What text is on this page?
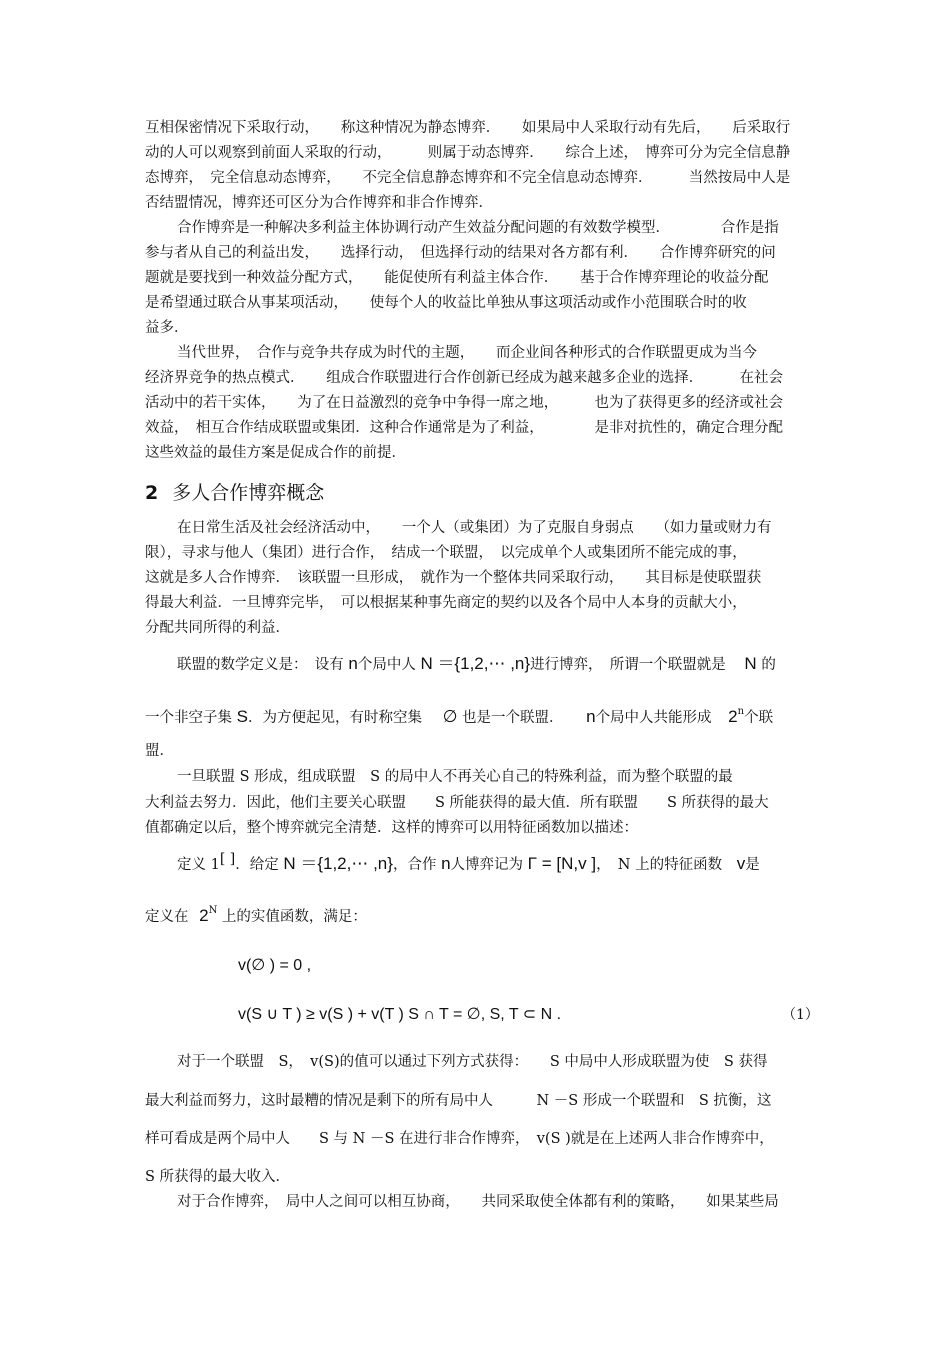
互相保密情况下采取行动，　　称这种情况为静态博弈．　　如果局中人采取行动有先后，　　后采取行
动的人可以观察到前面人采取的行动，　　　则属于动态博弈．　　综合上述，　博弈可分为完全信息静
态博弈，　完全信息动态博弈，　　不完全信息静态博弈和不完全信息动态博弈．　　　当然按局中人是
否结盟情况，博弈还可区分为合作博弈和非合作博弈．
合作博弈是一种解决多利益主体协调行动产生效益分配问题的有效数学模型．　　　　合作是指
参与者从自己的利益出发，　　选择行动，　但选择行动的结果对各方都有利．　　合作博弈研究的问
题就是要找到一种效益分配方式，　　能促使所有利益主体合作．　　基于合作博弈理论的收益分配
是希望通过联合从事某项活动，　　使每个人的收益比单独从事这项活动或作小范围联合时的收
益多．
当代世界，　合作与竞争共存成为时代的主题，　　而企业间各种形式的合作联盟更成为当今
经济界竞争的热点模式．　　组成合作联盟进行合作创新已经成为越来越多企业的选择．　　　在社会
活动中的若干实体，　　为了在日益激烈的竞争中争得一席之地，　　　也为了获得更多的经济或社会
效益，　相互合作结成联盟或集团．这种合作通常是为了利益，　　　　是非对抗性的，确定合理分配
这些效益的最佳方案是促成合作的前提．
2 多人合作博弈概念
在日常生活及社会经济活动中，　　一个人（或集团）为了克服自身弱点　　（如力量或财力有
限），寻求与他人（集团）进行合作，　结成一个联盟，　以完成单个人或集团所不能完成的事，
这就是多人合作博弈．　该联盟一旦形成，　就作为一个整体共同采取行动，　　其目标是使联盟获
得最大利益．一旦博弈完毕，　可以根据某种事先商定的契约以及各个局中人本身的贡献大小，
分配共同所得的利益．
联盟的数学定义是：　设有 n个局中人 N ＝{1,2,⋯ ,n}进行博弈，　所谓一个联盟就是 N 的
一个非空子集 S．为方便起见，有时称空集 ∅ 也是一个联盟． n个局中人共能形成 2$^n$个联
盟．
一旦联盟 S 形成，组成联盟　S 的局中人不再关心自己的特殊利益，而为整个联盟的最
大利益去努力．因此，他们主要关心联盟　　S 所能获得的最大值．所有联盟　　S 所获得的最大
值都确定以后，整个博弈就完全清楚．这样的博弈可以用特征函数加以描述：
定义 1[ ]．给定 N ＝{1,2,⋯ ,n}，合作 n人博弈记为 Γ = [N,v ]，　N 上的特征函数 v是
定义在 $2^N$ 上的实值函数，满足：
v(∅ ) = 0 ,
v(S ∪ T ) ≥ v(S ) + v(T ) S ∩ T = ∅, S, T ⊂ N .	（1）
对于一个联盟　S，　v(S)的值可以通过下列方式获得：　　S 中局中人形成联盟为使　S 获得
最大利益而努力，这时最糟的情况是剩下的所有局中人　　　N －S 形成一个联盟和　S 抗衡，这
样可看成是两个局中人　　S 与 N －S 在进行非合作博弈，　v(S )就是在上述两人非合作博弈中，
S 所获得的最大收入．
对于合作博弈，　局中人之间可以相互协商，　　共同采取使全体都有利的策略，　　如果某些局
